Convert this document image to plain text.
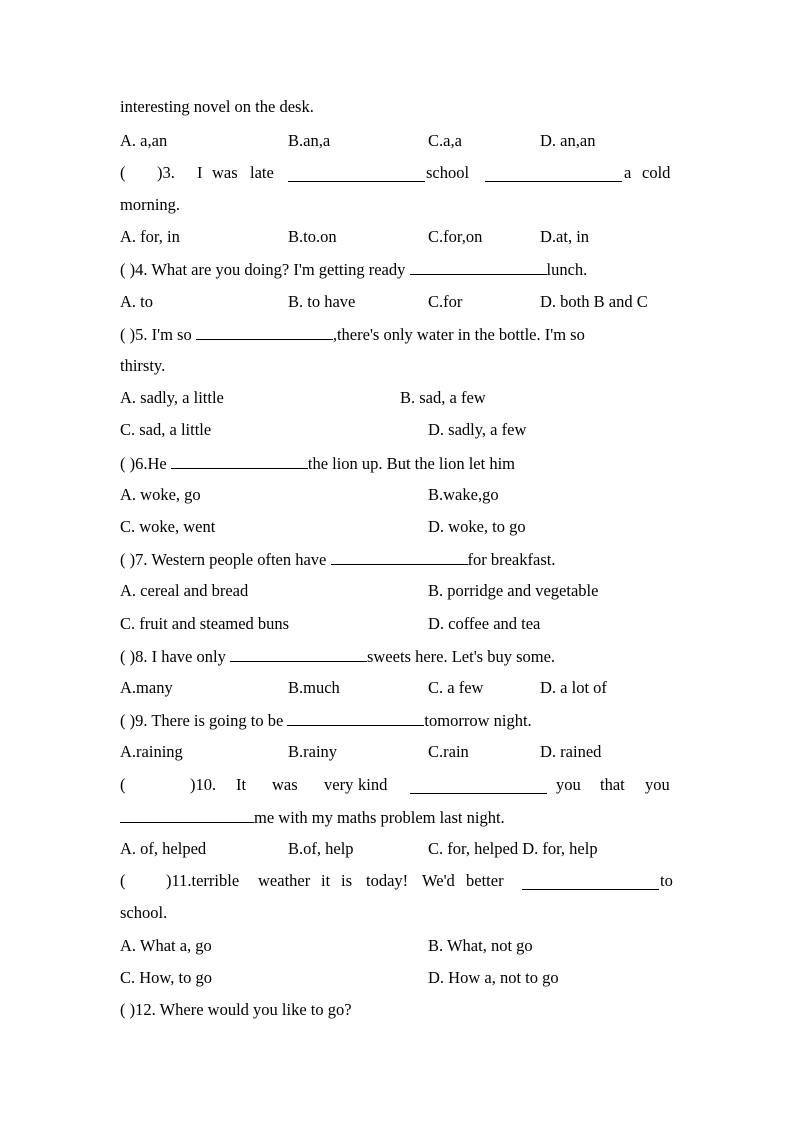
interesting novel on the desk.
A. a,an	B.an,a	C.a,a	D. an,an
( )3. I was late	school	a cold
morning.
A. for, in	B.to.on	C.for,on	D.at, in
( )4. What are you doing? I'm getting ready	lunch.
A. to	B. to have	C.for	D. both B and C
( )5. I'm so	,there's only water in the bottle. I'm so
thirsty.
A. sadly, a little	B. sad, a few
C. sad, a little	D. sadly, a few
( )6.He	the lion up. But the lion let him
A. woke, go	B.wake,go
C. woke, went	D. woke, to go
( )7. Western people often have	for breakfast.
A. cereal and bread	B. porridge and vegetable
C. fruit and steamed buns	D. coffee and tea
( )8. I have only	sweets here. Let's buy some.
A.many	B.much	C. a few	D. a lot of
( )9. There is going to be	tomorrow night.
A.raining	B.rainy	C.rain	D. rained
(	)10. It was very kind	you that you
me with my maths problem last night.
A. of, helped	B.of, help	C. for, helped D. for, help
( )11.terrible weather it is today! We'd better	to
school.
A. What a, go	B. What, not go
C. How, to go	D. How a, not to go
( )12. Where would you like to go?
